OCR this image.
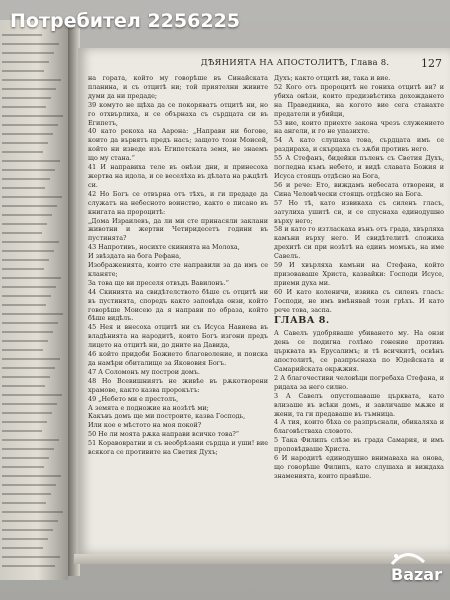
ДѢЯНИЯТА НА АПОСТОЛИТѢ, Глава 8.	127

на гората, който му говорѣше въ Синайската планина, и съ отцитѣ ни; той приятелни живите думи да ни предаде;

39 комуто не щѣха да се покоряватъ отцитѣ ни, но го отхвърлиха, и се обърнаха съ сърдцата си въ Египетъ,

40 като рекоха на Аарона: „Направи ни богове, които да вървятъ предъ насъ; защото този Моисей, който ни изведе изъ Египетската земя, не знаемъ що му стана.“

41 И направиха теле въ онѣзи дни, и принесоха жертва на идола, и се веселѣха въ дѣлата на рѫцѣтѣ си.

42 Но Богъ се отвърна отъ тѣхъ, и ги предаде да служатъ на небесното воинство, както е писано въ книгата на пророцитѣ:

„Дома Израилевъ, да ли ми сте принасяли заклани животни и жертви Четиридесетъ години въ пустинята?

43 Напротивъ, носихте скинията на Молоха,

И звѣздата на бога Рефана,

Изображенията, които сте направили за да имъ се кланяте;

За това ще ви преселя отвъдъ Вавилонъ.“

44 Скинията на свидѣтелството бѣше съ отцитѣ ни въ пустинята, споредъ както заповѣда онзи, който говорѣше Моисею да я направи по образа, който бѣше видѣлъ.

45 Нея и внесоха отцитѣ ни съ Исуса Навиева въ владѣнията на народитѣ, които Богъ изгони предъ лицето на отцитѣ ни, до дните на Давида,

46 който придоби Божието благоволение, и поиска да намѣри обиталище за Якововия Богъ.

47 А Соломонъ му построи домъ.

48 Но Всевишниятъ не живѣе въ рѫкотворени храмове, както казва пророкътъ:

49 „Небето ми е престолъ,

А земята е подножие на нозѣтѣ ми;

Какъвъ домъ ще ми построите, казва Господь,

Или кое е мѣстото на моя покой?

50 Не ли моята рѫка направи всичко това?“

51 Коравовратни и съ необрѣзани сърдца и уши! вие всякога се противите на Светия Духъ;

Духъ; както отцитѣ ви, така и вие.

52 Кого отъ пророцитѣ не гониха отцитѣ ви? и убиха онѣзи, които предизвѣстиха дохождането на Праведника, на когото вие сега станахте предатели и убийци,

53 вие, които приехте закона чрезъ служението на ангели, и го не упазихте.

54 А като слушаха това, сърдцата имъ се раздираха, и скърцаха съ зѫби противъ него.

55 А Стефанъ, бидейки пъленъ съ Светия Духъ, погледна къмъ небето, и видѣ славата Божия и Исуса стоящъ отдѣсно на Бога,

56 и рече: Ето, виждамъ небесата отворени, и Сина Человѣчески стоящъ отдѣсно на Бога.

57 Но тѣ, като извикаха съ силенъ гласъ, затулиха ушитѣ си, и се спуснаха единодушно върху него;

58 и като го изтласкаха вънъ отъ града, хвърляха камъни върху него. И свидѣтелитѣ сложиха дрехитѣ си при нозѣтѣ на единъ момъкъ, на име Савелъ.

59 И хвърляха камъни на Стефана, който призоваваше Христа, казвайки: Господи Исусе, приеми духа ми.

60 И като коленичи, извика съ силенъ гласъ: Господи, не имъ вмѣнявай този грѣхъ. И като рече това, заспа.

ГЛАВА 8.

А Савелъ удобряваше убиването му. На онзи день се подигна голѣмо гонение противъ църквата въ Ерусалимъ; и тѣ всичкитѣ, освѣнъ апостолитѣ, се разпръснаха по Юдейската и Самарийската окрѫжия.

2 А благочестиви человѣци погребаха Стефана, и ридаха за него силно.

3 А Савелъ опустошаваше църквата, като влизаше въ всѣки домъ, и завличаше мѫже и жени, та ги предаваше въ тъмница.

4 А тия, които бѣха се разпръснали, обикаляха и благовѣстваха словото.

5 Така Филипъ слѣзе въ града Самария, и имъ проповѣдваше Христа.

6 И народитѣ единодушно внимаваха на онова, що говорѣше Филипъ, като слушаха и виждаха знаменията, които правѣше.

Потребител 2256225
Bazar
